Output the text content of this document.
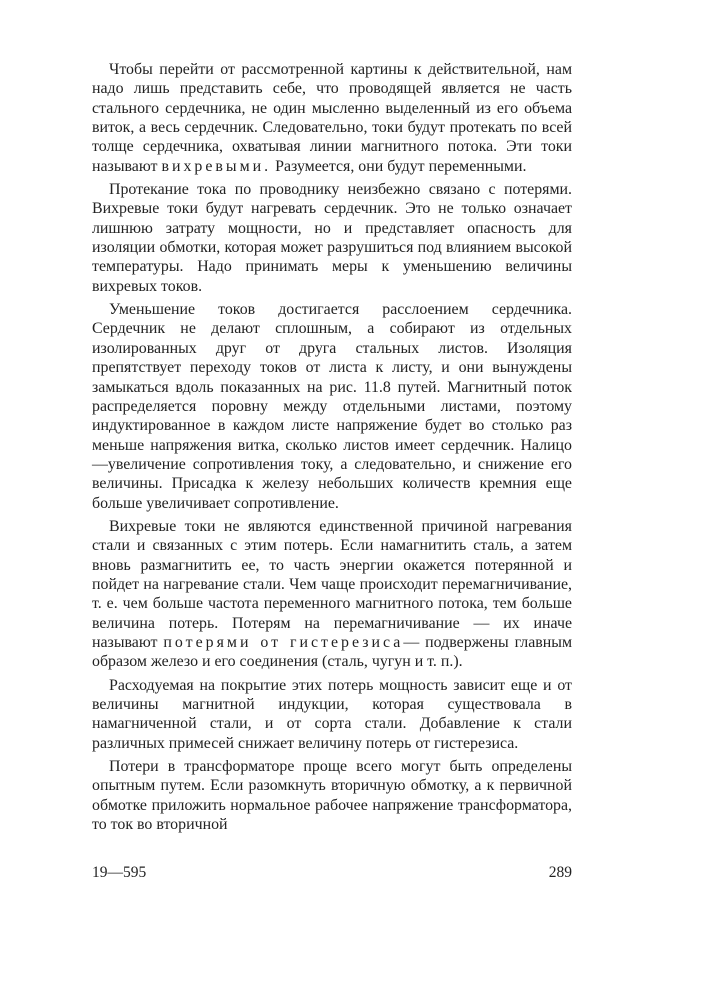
Чтобы перейти от рассмотренной картины к действительной, нам надо лишь представить себе, что проводящей является не часть стального сердечника, не один мысленно выделенный из его объема виток, а весь сердечник. Следовательно, токи будут протекать по всей толще сердечника, охватывая линии магнитного потока. Эти токи называют вихревыми. Разумеется, они будут переменными.

Протекание тока по проводнику неизбежно связано с потерями. Вихревые токи будут нагревать сердечник. Это не только означает лишнюю затрату мощности, но и представляет опасность для изоляции обмотки, которая может разрушиться под влиянием высокой температуры. Надо принимать меры к уменьшению величины вихревых токов.

Уменьшение токов достигается расслоением сердечника. Сердечник не делают сплошным, а собирают из отдельных изолированных друг от друга стальных листов. Изоляция препятствует переходу токов от листа к листу, и они вынуждены замыкаться вдоль показанных на рис. 11.8 путей. Магнитный поток распределяется поровну между отдельными листами, поэтому индуктированное в каждом листе напряжение будет во столько раз меньше напряжения витка, сколько листов имеет сердечник. Налицо —увеличение сопротивления току, а следовательно, и снижение его величины. Присадка к железу небольших количеств кремния еще больше увеличивает сопротивление.

Вихревые токи не являются единственной причиной нагревания стали и связанных с этим потерь. Если намагнитить сталь, а затем вновь размагнитить ее, то часть энергии окажется потерянной и пойдет на нагревание стали. Чем чаще происходит перемагничивание, т. е. чем больше частота переменного магнитного потока, тем больше величина потерь. Потерям на перемагничивание — их иначе называют потерями от гистерезиса— подвержены главным образом железо и его соединения (сталь, чугун и т. п.).

Расходуемая на покрытие этих потерь мощность зависит еще и от величины магнитной индукции, которая существовала в намагниченной стали, и от сорта стали. Добавление к стали различных примесей снижает величину потерь от гистерезиса.

Потери в трансформаторе проще всего могут быть определены опытным путем. Если разомкнуть вторичную обмотку, а к первичной обмотке приложить нормальное рабочее напряжение трансформатора, то ток во вторичной

19—595	289
